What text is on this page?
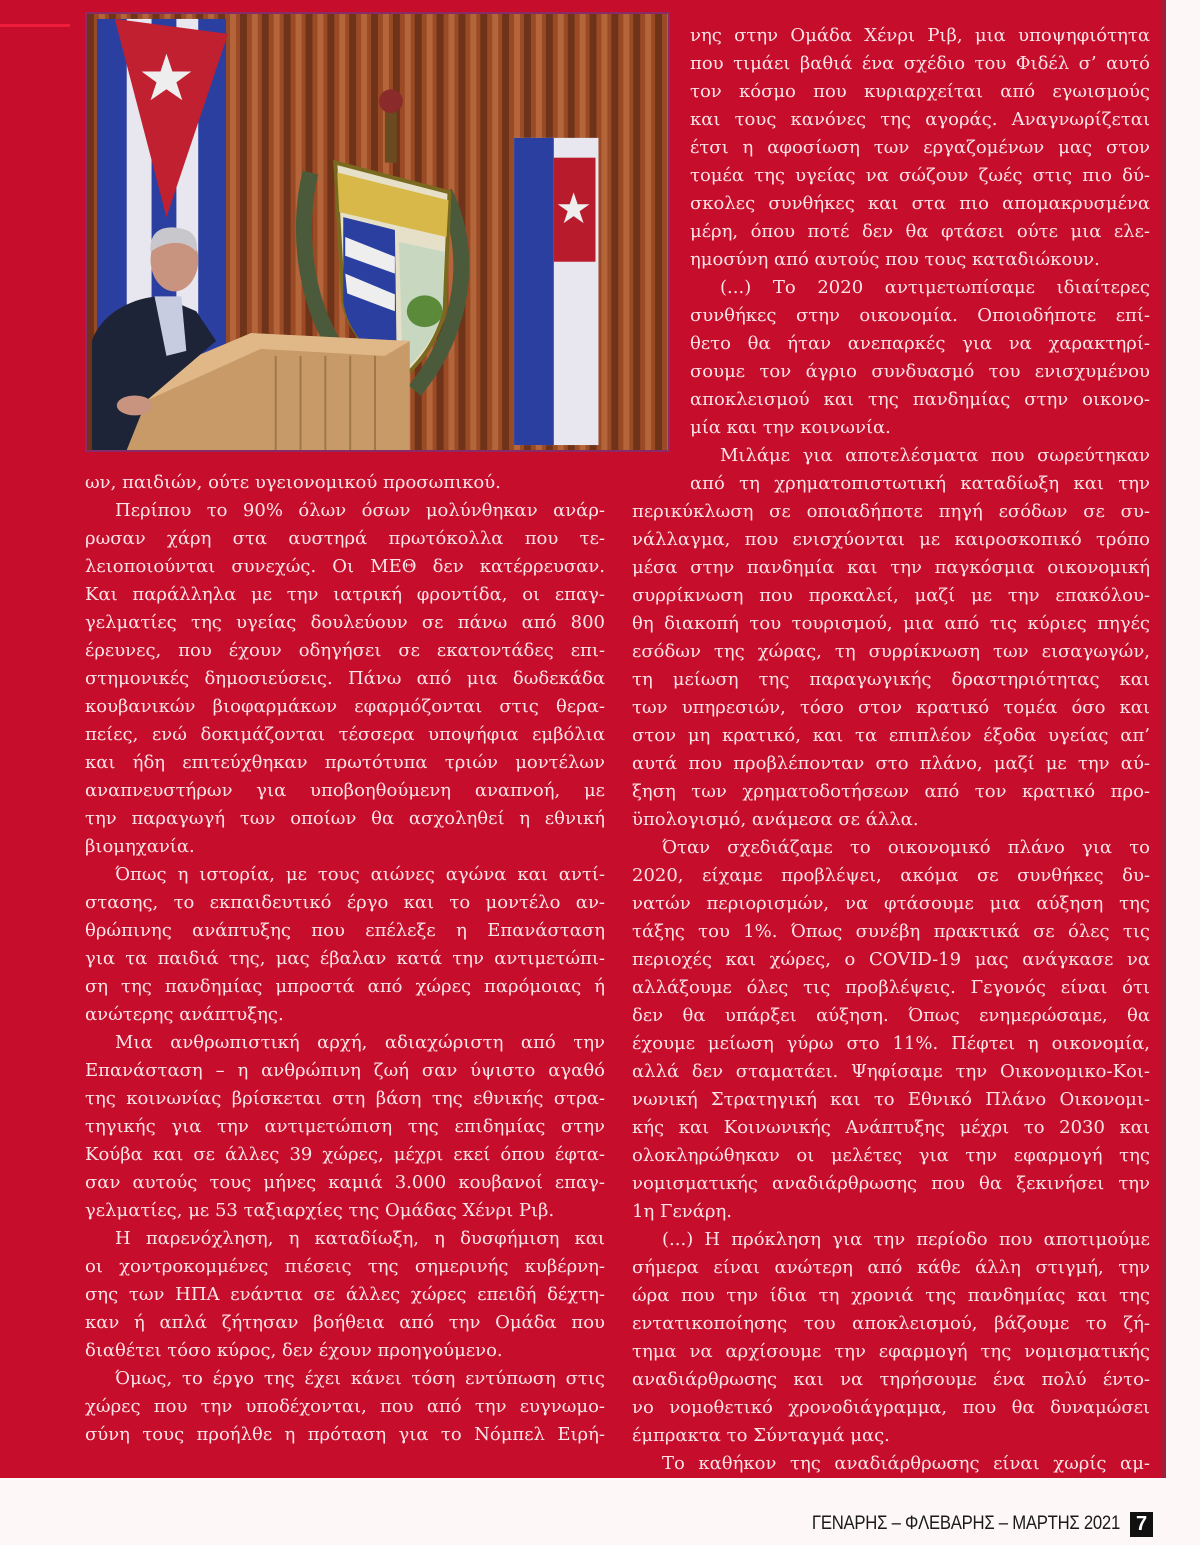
νης στην Ομάδα Χένρι Ριβ, μια υποψηφιότητα
που τιμάει βαθιά ένα σχέδιο του Φιδέλ σ’ αυτό
τον κόσμο που κυριαρχείται από εγωισμούς
και τους κανόνες της αγοράς. Αναγνωρίζεται
έτσι η αφοσίωση των εργαζομένων μας στον
τομέα της υγείας να σώζουν ζωές στις πιο δύ-
σκολες συνθήκες και στα πιο απομακρυσμένα
μέρη, όπου ποτέ δεν θα φτάσει ούτε μια ελε-
ημοσύνη από αυτούς που τους καταδιώκουν.
(...) Το 2020 αντιμετωπίσαμε ιδιαίτερες
συνθήκες στην οικονομία. Οποιοδήποτε επί-
θετο θα ήταν ανεπαρκές για να χαρακτηρί-
σουμε τον άγριο συνδυασμό του ενισχυμένου
αποκλεισμού και της πανδημίας στην οικονο-
μία και την κοινωνία.
Μιλάμε για αποτελέσματα που σωρεύτηκαν
από τη χρηματοπιστωτική καταδίωξη και την
περικύκλωση σε οποιαδήποτε πηγή εσόδων σε συ-
νάλλαγμα, που ενισχύονται με καιροσκοπικό τρόπο
μέσα στην πανδημία και την παγκόσμια οικονομική
συρρίκνωση που προκαλεί, μαζί με την επακόλου-
θη διακοπή του τουρισμού, μια από τις κύριες πηγές
εσόδων της χώρας, τη συρρίκνωση των εισαγωγών,
τη μείωση της παραγωγικής δραστηριότητας και
των υπηρεσιών, τόσο στον κρατικό τομέα όσο και
στον μη κρατικό, και τα επιπλέον έξοδα υγείας απ’
αυτά που προβλέπονταν στο πλάνο, μαζί με την αύ-
ξηση των χρηματοδοτήσεων από τον κρατικό προ-
ϋπολογισμό, ανάμεσα σε άλλα.
Όταν σχεδιάζαμε το οικονομικό πλάνο για το
2020, είχαμε προβλέψει, ακόμα σε συνθήκες δυ-
νατών περιορισμών, να φτάσουμε μια αύξηση της
τάξης του 1%. Όπως συνέβη πρακτικά σε όλες τις
περιοχές και χώρες, ο COVID-19 μας ανάγκασε να
αλλάξουμε όλες τις προβλέψεις. Γεγονός είναι ότι
δεν θα υπάρξει αύξηση. Όπως ενημερώσαμε, θα
έχουμε μείωση γύρω στο 11%. Πέφτει η οικονομία,
αλλά δεν σταματάει. Ψηφίσαμε την Οικονομικο-Κοι-
νωνική Στρατηγική και το Εθνικό Πλάνο Οικονομι-
κής και Κοινωνικής Ανάπτυξης μέχρι το 2030 και
ολοκληρώθηκαν οι μελέτες για την εφαρμογή της
νομισματικής αναδιάρθρωσης που θα ξεκινήσει την
1η Γενάρη.
(...) Η πρόκληση για την περίοδο που αποτιμούμε
σήμερα είναι ανώτερη από κάθε άλλη στιγμή, την
ώρα που την ίδια τη χρονιά της πανδημίας και της
εντατικοποίησης του αποκλεισμού, βάζουμε το ζή-
τημα να αρχίσουμε την εφαρμογή της νομισματικής
αναδιάρθρωσης και να τηρήσουμε ένα πολύ έντο-
νο νομοθετικό χρονοδιάγραμμα, που θα δυναμώσει
έμπρακτα το Σύνταγμά μας.
Το καθήκον της αναδιάρθρωσης είναι χωρίς αμ-
ων, παιδιών, ούτε υγειονομικού προσωπικού.
Περίπου το 90% όλων όσων μολύνθηκαν ανάρ-
ρωσαν χάρη στα αυστηρά πρωτόκολλα που τε-
λειοποιούνται συνεχώς. Οι ΜΕΘ δεν κατέρρευσαν.
Και παράλληλα με την ιατρική φροντίδα, οι επαγ-
γελματίες της υγείας δουλεύουν σε πάνω από 800
έρευνες, που έχουν οδηγήσει σε εκατοντάδες επι-
στημονικές δημοσιεύσεις. Πάνω από μια δωδεκάδα
κουβανικών βιοφαρμάκων εφαρμόζονται στις θερα-
πείες, ενώ δοκιμάζονται τέσσερα υποψήφια εμβόλια
και ήδη επιτεύχθηκαν πρωτότυπα τριών μοντέλων
αναπνευστήρων για υποβοηθούμενη αναπνοή, με
την παραγωγή των οποίων θα ασχοληθεί η εθνική
βιομηχανία.
Όπως η ιστορία, με τους αιώνες αγώνα και αντί-
στασης, το εκπαιδευτικό έργο και το μοντέλο αν-
θρώπινης ανάπτυξης που επέλεξε η Επανάσταση
για τα παιδιά της, μας έβαλαν κατά την αντιμετώπι-
ση της πανδημίας μπροστά από χώρες παρόμοιας ή
ανώτερης ανάπτυξης.
Μια ανθρωπιστική αρχή, αδιαχώριστη από την
Επανάσταση – η ανθρώπινη ζωή σαν ύψιστο αγαθό
της κοινωνίας βρίσκεται στη βάση της εθνικής στρα-
τηγικής για την αντιμετώπιση της επιδημίας στην
Κούβα και σε άλλες 39 χώρες, μέχρι εκεί όπου έφτα-
σαν αυτούς τους μήνες καμιά 3.000 κουβανοί επαγ-
γελματίες, με 53 ταξιαρχίες της Ομάδας Χένρι Ριβ.
Η παρενόχληση, η καταδίωξη, η δυσφήμιση και
οι χοντροκομμένες πιέσεις της σημερινής κυβέρνη-
σης των ΗΠΑ ενάντια σε άλλες χώρες επειδή δέχτη-
καν ή απλά ζήτησαν βοήθεια από την Ομάδα που
διαθέτει τόσο κύρος, δεν έχουν προηγούμενο.
Όμως, το έργο της έχει κάνει τόση εντύπωση στις
χώρες που την υποδέχονται, που από την ευγνωμο-
σύνη τους προήλθε η πρόταση για το Νόμπελ Ειρή-
ΓΕΝΑΡΗΣ – ΦΛΕΒΑΡΗΣ – ΜΑΡΤΗΣ 2021 7
